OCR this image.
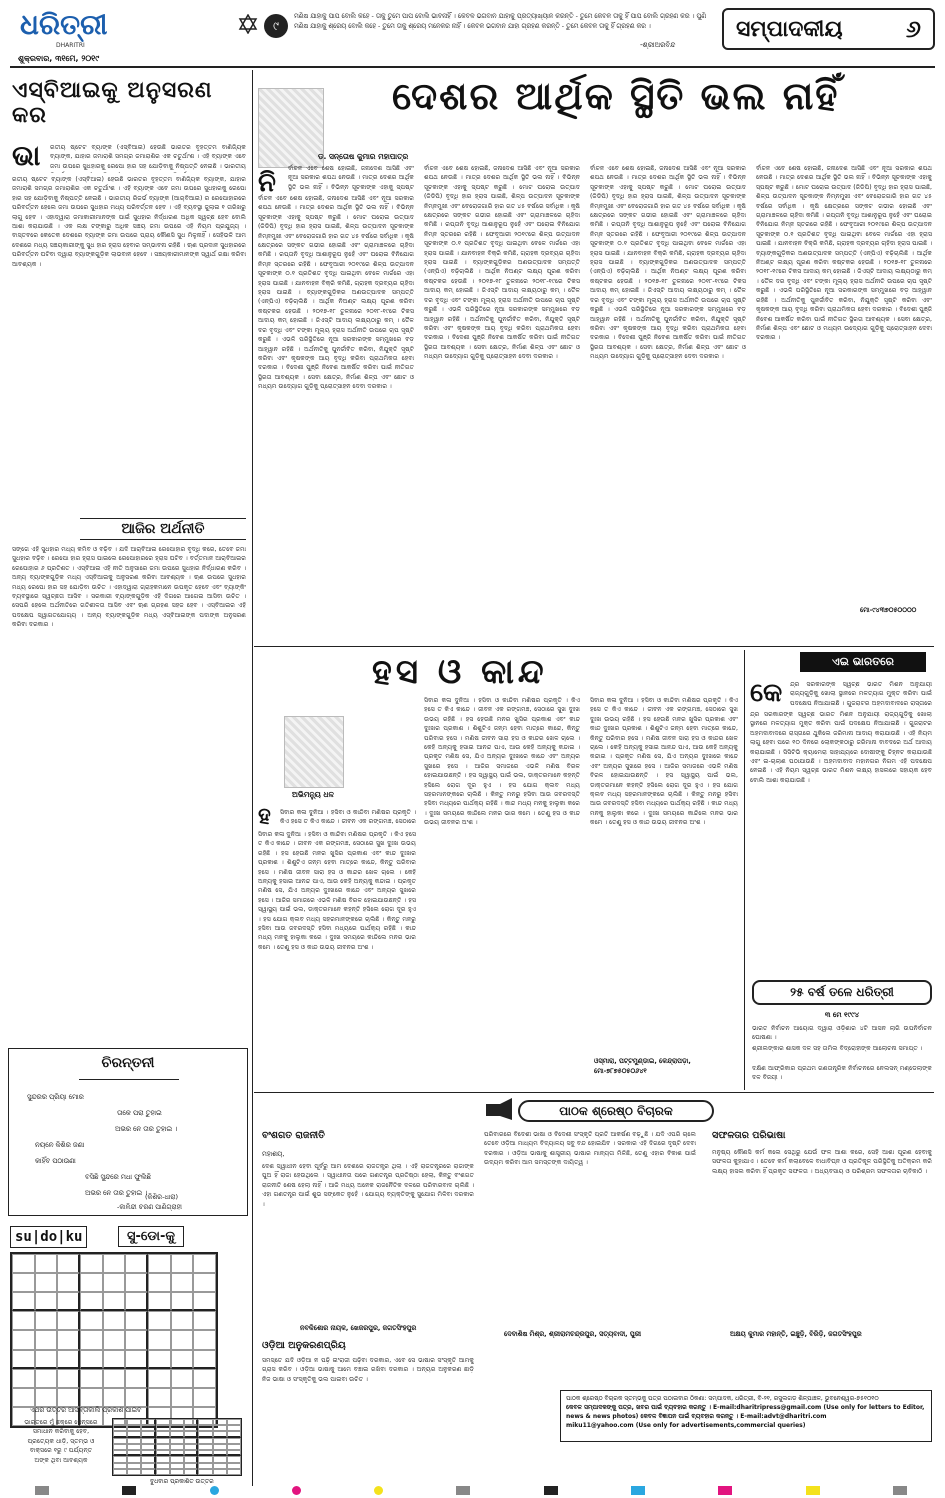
ଧରିତ୍ରୀ
DHARITRI
ଶୁକ୍ରବାର, ୩୧ମେ, ୨୦୧୯
୯
ମଣିଷ ଯାହାକୁ ପାପ ବୋଲି କହେ - ତାକୁ ତୁମେ ପାପ ବୋଲି ଭାବନାହିଁ । କେବଳ ଭଗବାନ ଯାହାକୁ ପ୍ରତ୍ୟାଖ୍ୟାନ କରନ୍ତି - ତୁମେ କେବଳ ତାକୁ ହିଁ ପାପ ବୋଲି ଗ୍ରହଣ କର । ପୁଣି ମଣିଷ ଯାହାକୁ ଶ୍ରେୟ ବୋଲି କହେ - ତୁମେ ତାକୁ ଶ୍ରେୟ ମନେକର ନାହିଁ । କେବଳ ଭଗବାନ ଯାହା ଗ୍ରହଣ କରନ୍ତି - ତୁମେ କେବଳ ତାକୁ ହିଁ ଗ୍ରହଣ କର ।
-ଶ୍ରୀଅରବିନ୍ଦ
ସମ୍ପାଦକୀୟ	୬
ଏସ୍‌ବିଆଇକୁ ଅନୁସରଣ କର
ଭା ରତୀୟ ଷ୍ଟେଟ ବ୍ୟାଙ୍କ (ଏସ୍‌ବିଆଇ) ହେଉଛି ଭାରତର ବୃହତ୍ତମ ବାଣିଜ୍ୟିକ ବ୍ୟାଙ୍କ, ଯାହାର ଜମାରାଶି ସମଗ୍ର ଜମାରାଶିର ଏକ ଚତୁର୍ଥାଂଶ । ଏହି ବ୍ୟାଙ୍କ ଏବେ ଜମା ଉପରେ ସୁଧହାରକୁ ରେପୋ ହାର ସହ ଯୋଡ଼ିବାକୁ ନିଷ୍ପତ୍ତି ନେଇଛି । ଭାରତୀୟ
ରତୀୟ ଷ୍ଟେଟ ବ୍ୟାଙ୍କ (ଏସ୍‌ବିଆଇ) ହେଉଛି ଭାରତର ବୃହତ୍ତମ ବାଣିଜ୍ୟିକ ବ୍ୟାଙ୍କ, ଯାହାର ଜମାରାଶି ସମଗ୍ର ଜମାରାଶିର ଏକ ଚତୁର୍ଥାଂଶ । ଏହି ବ୍ୟାଙ୍କ ଏବେ ଜମା ଉପରେ ସୁଧହାରକୁ ରେପୋ ହାର ସହ ଯୋଡ଼ିବାକୁ ନିଷ୍ପତ୍ତି ନେଇଛି । ଭାରତୀୟ ରିଜର୍ଭ ବ୍ୟାଙ୍କ (ଆର୍‌ବିଆଇ) ର ରେପୋହାରରେ ପରିବର୍ତ୍ତନ ହେଲେ ଜମା ଉପରେ ସୁଧହାର ମଧ୍ୟ ପରିବର୍ତ୍ତନ ହେବ । ଏହି ବ୍ୟବସ୍ଥା ଜୁଲାଇ ୧ ତାରିଖରୁ ଲାଗୁ ହେବ । ଏହାଦ୍ୱାରା ଜମାକାରୀମାନଙ୍କ ପାଇଁ ସୁଧହାର ନିର୍ଦ୍ଧାରଣ ଅଧିକ ସ୍ୱଚ୍ଛ ହେବ ବୋଲି ଆଶା କରାଯାଉଛି । ଏକ ଲକ୍ଷ ଟଙ୍କାରୁ ଅଧିକ ସଞ୍ଚୟ ଜମା ଉପରେ ଏହି ନିୟମ ପ୍ରଯୁଜ୍ୟ । ବାସ୍ତବରେ କେତେକ ଦେଶରେ ବ୍ୟାଙ୍କ ଜମା ଉପରେ ପ୍ରାୟ କୌଣସି ସୁଧ ମିଳୁନାହିଁ । ସେହିଭଳି ଆମ ଦେଶରେ ମଧ୍ୟ ସଞ୍ଚୟକାରୀଙ୍କୁ ସୁଧ ହାର ହ୍ରାସ ହେବାର ସମ୍ଭାବନା ରହିଛି । ଋଣ ପ୍ରଦାନ ସୁଧହାରରେ ପରିବର୍ତ୍ତନ ଘଟିବା ଦ୍ୱାରା ବ୍ୟାଙ୍କଗୁଡ଼ିକ ଲାଭବାନ ହେବେ । ସଞ୍ଚୟକାରୀମାନଙ୍କ ସ୍ୱାର୍ଥ ରକ୍ଷା କରିବା ଆବଶ୍ୟକ ।
ଆଜିର ଅର୍ଥନୀତି
ସଙ୍ଗେ ଏହି ସୁଧହାର ମଧ୍ୟ କମିବ ଓ ବଢ଼ିବ । ଯଦି ଆର୍‌ବିଆଇ ରେପୋହାର ବୃଦ୍ଧି କରେ, ତେବେ ଜମା ସୁଧହାର ବଢ଼ିବ । ରେପୋ ହାର ହ୍ରାସ ପାଇଲେ ରେପୋହାରରେ ହ୍ରାସ ଘଟିବ । ବର୍ତ୍ତମାନ ଆର୍‌ବିଆଇର ରେପୋହାର ୬ ପ୍ରତିଶତ । ଏସ୍‌ବିଆଇ ଏହି ନୀତି ଅନୁସାରେ ଜମା ଉପରେ ସୁଧହାର ନିର୍ଦ୍ଧାରଣ କରିବ । ଅନ୍ୟ ବ୍ୟାଙ୍କଗୁଡ଼ିକ ମଧ୍ୟ ଏସ୍‌ବିଆଇକୁ ଅନୁସରଣ କରିବା ଆବଶ୍ୟକ । ଋଣ ଉପରେ ସୁଧହାର ମଧ୍ୟ ରେପୋ ହାର ସହ ଯୋଡ଼ିବା ଉଚିତ । ଏହାଦ୍ୱାରା ଗ୍ରାହକମାନେ ଉପକୃତ ହେବେ ଏବଂ ବ୍ୟାଙ୍କିଂ ବ୍ୟବସ୍ଥାରେ ସ୍ୱଚ୍ଛତା ଆସିବ । ସରକାରୀ ବ୍ୟାଙ୍କଗୁଡ଼ିକ ଏହି ଦିଗରେ ଆଗେଇ ଆସିବା ଉଚିତ । ସେପରି ହେଲେ ଅର୍ଥନୀତିରେ ଗତିଶୀଳତା ଆସିବ ଏବଂ ଋଣ ଗ୍ରହଣ ସହଜ ହେବ । ଏସ୍‌ବିଆଇର ଏହି ପଦକ୍ଷେପ ସ୍ୱାଗତଯୋଗ୍ୟ । ଅନ୍ୟ ବ୍ୟାଙ୍କଗୁଡ଼ିକ ମଧ୍ୟ ଏସ୍‌ବିଆଇଙ୍କ ପଦାଙ୍କ ଅନୁସରଣ କରିବା ଦରକାର ।
ଚିରନ୍ତନୀ
ସୁନ୍ଦରର ପ୍ରିୟା ମୋର
ତାକେ ପରା ତୁହାଇ
ଅଭର ନେ ତାର ତୁହାଇ ।
ନୟନେ କିଶିର ଜଣା
କାହିଁବ ପଠାଉଣା
ବସିଛି ସୁନ୍ଦରେ ମଧା ଫୁଲିଛି
ଅଭର ନେ ତାର ତୁହାଇ ।
(କିଶିର-ଧାରା)
-କାଳିନ୍ଦୀ ଚରଣ ପାଣିଗ୍ରାହୀ
su|do|ku	ସୁ-ଡୋ-କୁ
ଏଥର ଉତ୍ତର ଆସନ୍ତାକାଲି ପ୍ରକାଶ ପାଇବ
ଭାରତରେ ମୁଁ ଛକ୍ରେ ସେନ୍ସରେ ସମାଧାନ କରିବାକୁ ହେବ, ପ୍ରତ୍ୟେକ ଧାଡ଼ି, ସ୍ତମ୍ଭ ଓ ବାକ୍ସରେ ୧ରୁ ୯ ପର୍ଯ୍ୟନ୍ତ ଅଙ୍କ ଥିବା ଆବଶ୍ୟକ
ବୁଧବାର ପ୍ରକାଶିତ ଉତ୍ତର
ଡ. ସନ୍ତୋଷ କୁମାର ମହାପାତ୍ର
ଦେଶର ଆର୍ଥିକ ସ୍ଥିତି ଭଲ ନାହିଁ
ନି ର୍ବାଚନ ଏବେ ଶେଷ ହୋଇଛି, ଜନାଦେଶ ଆସିଛି ଏବଂ ନୂଆ ସରକାର ଶପଥ ନେଉଛି । ମାତ୍ର ଦେଶର ଆର୍ଥିକ ସ୍ଥିତି ଭଲ ନାହିଁ । ବିଭିନ୍ନ ସୂଚକାଙ୍କ ଏହାକୁ ସ୍ପଷ୍ଟ
ର୍ବାଚନ ଏବେ ଶେଷ ହୋଇଛି, ଜନାଦେଶ ଆସିଛି ଏବଂ ନୂଆ ସରକାର ଶପଥ ନେଉଛି । ମାତ୍ର ଦେଶର ଆର୍ଥିକ ସ୍ଥିତି ଭଲ ନାହିଁ । ବିଭିନ୍ନ ସୂଚକାଙ୍କ ଏହାକୁ ସ୍ପଷ୍ଟ କରୁଛି । ମୋଟ ଘରୋଇ ଉତ୍ପାଦ (ଜିଡିପି) ବୃଦ୍ଧି ହାର ହ୍ରାସ ପାଇଛି, ଶିଳ୍ପ ଉତ୍ପାଦନ ସୂଚକାଙ୍କ ନିମ୍ନମୁଖୀ ଏବଂ ବେରୋଜଗାରି ହାର ଗତ ୪୫ ବର୍ଷରେ ସର୍ବାଧିକ । କୃଷି କ୍ଷେତ୍ରରେ ସଙ୍କଟ ଗଭୀର ହୋଇଛି ଏବଂ ଗ୍ରାମାଞ୍ଚଳରେ ଚାହିଦା କମିଛି । ରପ୍ତାନି ବୃଦ୍ଧି ଆଶାନୁରୂପ ନୁହେଁ ଏବଂ ଘରୋଇ ବିନିଯୋଗ ନିମ୍ନ ସ୍ତରରେ ରହିଛି । ଫେବୃଆରୀ ୨୦୧୯ରେ ଶିଳ୍ପ ଉତ୍ପାଦନ ସୂଚକାଙ୍କ ୦.୧ ପ୍ରତିଶତ ବୃଦ୍ଧି ପାଇଥିବା ବେଳେ ମାର୍ଚ୍ଚରେ ଏହା ହ୍ରାସ ପାଇଛି । ଯାନବାହନ ବିକ୍ରି କମିଛି, ଗ୍ରାହକ ଦ୍ରବ୍ୟର ଚାହିଦା ହ୍ରାସ ପାଇଛି । ବ୍ୟାଙ୍କଗୁଡ଼ିକର ଅଣଉତ୍ପାଦକ ସମ୍ପତ୍ତି (ଏନ୍‌ପିଏ) ବଢ଼ିଚାଲିଛି । ଆର୍ଥିକ ନିଅଣ୍ଟ ଲକ୍ଷ୍ୟ ପୂରଣ କରିବା କଷ୍ଟକର ହେଉଛି । ୨୦୧୭-୧୮ ତୁଳନାରେ ୨୦୧୮-୧୯ରେ ଟିକସ ଆଦାୟ କମ୍ ହୋଇଛି । ଜିଏସ୍‌ଟି ଆଦାୟ ଲକ୍ଷ୍ୟଠାରୁ କମ୍ । ତୈଳ ଦର ବୃଦ୍ଧି ଏବଂ ଟଙ୍କା ମୂଲ୍ୟ ହ୍ରାସ ଅର୍ଥନୀତି ଉପରେ ଚାପ ସୃଷ୍ଟି କରୁଛି । ଏଭଳି ପରିସ୍ଥିତିରେ ନୂଆ ସରକାରଙ୍କ ସମ୍ମୁଖରେ ବଡ଼ ଆହ୍ୱାନ ରହିଛି । ଅର୍ଥନୀତିକୁ ପୁନର୍ଜୀବିତ କରିବା, ନିଯୁକ୍ତି ସୃଷ୍ଟି କରିବା ଏବଂ କୃଷକଙ୍କ ଆୟ ବୃଦ୍ଧି କରିବା ପ୍ରାଥମିକତା ହେବା ଦରକାର । ବିଦେଶୀ ପୁଞ୍ଜି ନିବେଶ ଆକର୍ଷିତ କରିବା ପାଇଁ ନୀତିଗତ ସ୍ଥିରତା ଆବଶ୍ୟକ । ସେବା କ୍ଷେତ୍ର, ନିର୍ମାଣ ଶିଳ୍ପ ଏବଂ ଛୋଟ ଓ ମଧ୍ୟମ ଉଦ୍ୟୋଗ ଗୁଡ଼ିକୁ ପ୍ରୋତ୍ସାହନ ଦେବା ଦରକାର ।
ର୍ବାଚନ ଏବେ ଶେଷ ହୋଇଛି, ଜନାଦେଶ ଆସିଛି ଏବଂ ନୂଆ ସରକାର ଶପଥ ନେଉଛି । ମାତ୍ର ଦେଶର ଆର୍ଥିକ ସ୍ଥିତି ଭଲ ନାହିଁ । ବିଭିନ୍ନ ସୂଚକାଙ୍କ ଏହାକୁ ସ୍ପଷ୍ଟ କରୁଛି । ମୋଟ ଘରୋଇ ଉତ୍ପାଦ (ଜିଡିପି) ବୃଦ୍ଧି ହାର ହ୍ରାସ ପାଇଛି, ଶିଳ୍ପ ଉତ୍ପାଦନ ସୂଚକାଙ୍କ ନିମ୍ନମୁଖୀ ଏବଂ ବେରୋଜଗାରି ହାର ଗତ ୪୫ ବର୍ଷରେ ସର୍ବାଧିକ । କୃଷି କ୍ଷେତ୍ରରେ ସଙ୍କଟ ଗଭୀର ହୋଇଛି ଏବଂ ଗ୍ରାମାଞ୍ଚଳରେ ଚାହିଦା କମିଛି । ରପ୍ତାନି ବୃଦ୍ଧି ଆଶାନୁରୂପ ନୁହେଁ ଏବଂ ଘରୋଇ ବିନିଯୋଗ ନିମ୍ନ ସ୍ତରରେ ରହିଛି । ଫେବୃଆରୀ ୨୦୧୯ରେ ଶିଳ୍ପ ଉତ୍ପାଦନ ସୂଚକାଙ୍କ ୦.୧ ପ୍ରତିଶତ ବୃଦ୍ଧି ପାଇଥିବା ବେଳେ ମାର୍ଚ୍ଚରେ ଏହା ହ୍ରାସ ପାଇଛି । ଯାନବାହନ ବିକ୍ରି କମିଛି, ଗ୍ରାହକ ଦ୍ରବ୍ୟର ଚାହିଦା ହ୍ରାସ ପାଇଛି । ବ୍ୟାଙ୍କଗୁଡ଼ିକର ଅଣଉତ୍ପାଦକ ସମ୍ପତ୍ତି (ଏନ୍‌ପିଏ) ବଢ଼ିଚାଲିଛି । ଆର୍ଥିକ ନିଅଣ୍ଟ ଲକ୍ଷ୍ୟ ପୂରଣ କରିବା କଷ୍ଟକର ହେଉଛି । ୨୦୧୭-୧୮ ତୁଳନାରେ ୨୦୧୮-୧୯ରେ ଟିକସ ଆଦାୟ କମ୍ ହୋଇଛି । ଜିଏସ୍‌ଟି ଆଦାୟ ଲକ୍ଷ୍ୟଠାରୁ କମ୍ । ତୈଳ ଦର ବୃଦ୍ଧି ଏବଂ ଟଙ୍କା ମୂଲ୍ୟ ହ୍ରାସ ଅର୍ଥନୀତି ଉପରେ ଚାପ ସୃଷ୍ଟି କରୁଛି । ଏଭଳି ପରିସ୍ଥିତିରେ ନୂଆ ସରକାରଙ୍କ ସମ୍ମୁଖରେ ବଡ଼ ଆହ୍ୱାନ ରହିଛି । ଅର୍ଥନୀତିକୁ ପୁନର୍ଜୀବିତ କରିବା, ନିଯୁକ୍ତି ସୃଷ୍ଟି କରିବା ଏବଂ କୃଷକଙ୍କ ଆୟ ବୃଦ୍ଧି କରିବା ପ୍ରାଥମିକତା ହେବା ଦରକାର । ବିଦେଶୀ ପୁଞ୍ଜି ନିବେଶ ଆକର୍ଷିତ କରିବା ପାଇଁ ନୀତିଗତ ସ୍ଥିରତା ଆବଶ୍ୟକ । ସେବା କ୍ଷେତ୍ର, ନିର୍ମାଣ ଶିଳ୍ପ ଏବଂ ଛୋଟ ଓ ମଧ୍ୟମ ଉଦ୍ୟୋଗ ଗୁଡ଼ିକୁ ପ୍ରୋତ୍ସାହନ ଦେବା ଦରକାର ।
ର୍ବାଚନ ଏବେ ଶେଷ ହୋଇଛି, ଜନାଦେଶ ଆସିଛି ଏବଂ ନୂଆ ସରକାର ଶପଥ ନେଉଛି । ମାତ୍ର ଦେଶର ଆର୍ଥିକ ସ୍ଥିତି ଭଲ ନାହିଁ । ବିଭିନ୍ନ ସୂଚକାଙ୍କ ଏହାକୁ ସ୍ପଷ୍ଟ କରୁଛି । ମୋଟ ଘରୋଇ ଉତ୍ପାଦ (ଜିଡିପି) ବୃଦ୍ଧି ହାର ହ୍ରାସ ପାଇଛି, ଶିଳ୍ପ ଉତ୍ପାଦନ ସୂଚକାଙ୍କ ନିମ୍ନମୁଖୀ ଏବଂ ବେରୋଜଗାରି ହାର ଗତ ୪୫ ବର୍ଷରେ ସର୍ବାଧିକ । କୃଷି କ୍ଷେତ୍ରରେ ସଙ୍କଟ ଗଭୀର ହୋଇଛି ଏବଂ ଗ୍ରାମାଞ୍ଚଳରେ ଚାହିଦା କମିଛି । ରପ୍ତାନି ବୃଦ୍ଧି ଆଶାନୁରୂପ ନୁହେଁ ଏବଂ ଘରୋଇ ବିନିଯୋଗ ନିମ୍ନ ସ୍ତରରେ ରହିଛି । ଫେବୃଆରୀ ୨୦୧୯ରେ ଶିଳ୍ପ ଉତ୍ପାଦନ ସୂଚକାଙ୍କ ୦.୧ ପ୍ରତିଶତ ବୃଦ୍ଧି ପାଇଥିବା ବେଳେ ମାର୍ଚ୍ଚରେ ଏହା ହ୍ରାସ ପାଇଛି । ଯାନବାହନ ବିକ୍ରି କମିଛି, ଗ୍ରାହକ ଦ୍ରବ୍ୟର ଚାହିଦା ହ୍ରାସ ପାଇଛି । ବ୍ୟାଙ୍କଗୁଡ଼ିକର ଅଣଉତ୍ପାଦକ ସମ୍ପତ୍ତି (ଏନ୍‌ପିଏ) ବଢ଼ିଚାଲିଛି । ଆର୍ଥିକ ନିଅଣ୍ଟ ଲକ୍ଷ୍ୟ ପୂରଣ କରିବା କଷ୍ଟକର ହେଉଛି । ୨୦୧୭-୧୮ ତୁଳନାରେ ୨୦୧୮-୧୯ରେ ଟିକସ ଆଦାୟ କମ୍ ହୋଇଛି । ଜିଏସ୍‌ଟି ଆଦାୟ ଲକ୍ଷ୍ୟଠାରୁ କମ୍ । ତୈଳ ଦର ବୃଦ୍ଧି ଏବଂ ଟଙ୍କା ମୂଲ୍ୟ ହ୍ରାସ ଅର୍ଥନୀତି ଉପରେ ଚାପ ସୃଷ୍ଟି କରୁଛି । ଏଭଳି ପରିସ୍ଥିତିରେ ନୂଆ ସରକାରଙ୍କ ସମ୍ମୁଖରେ ବଡ଼ ଆହ୍ୱାନ ରହିଛି । ଅର୍ଥନୀତିକୁ ପୁନର୍ଜୀବିତ କରିବା, ନିଯୁକ୍ତି ସୃଷ୍ଟି କରିବା ଏବଂ କୃଷକଙ୍କ ଆୟ ବୃଦ୍ଧି କରିବା ପ୍ରାଥମିକତା ହେବା ଦରକାର । ବିଦେଶୀ ପୁଞ୍ଜି ନିବେଶ ଆକର୍ଷିତ କରିବା ପାଇଁ ନୀତିଗତ ସ୍ଥିରତା ଆବଶ୍ୟକ । ସେବା କ୍ଷେତ୍ର, ନିର୍ମାଣ ଶିଳ୍ପ ଏବଂ ଛୋଟ ଓ ମଧ୍ୟମ ଉଦ୍ୟୋଗ ଗୁଡ଼ିକୁ ପ୍ରୋତ୍ସାହନ ଦେବା ଦରକାର ।
ର୍ବାଚନ ଏବେ ଶେଷ ହୋଇଛି, ଜନାଦେଶ ଆସିଛି ଏବଂ ନୂଆ ସରକାର ଶପଥ ନେଉଛି । ମାତ୍ର ଦେଶର ଆର୍ଥିକ ସ୍ଥିତି ଭଲ ନାହିଁ । ବିଭିନ୍ନ ସୂଚକାଙ୍କ ଏହାକୁ ସ୍ପଷ୍ଟ କରୁଛି । ମୋଟ ଘରୋଇ ଉତ୍ପାଦ (ଜିଡିପି) ବୃଦ୍ଧି ହାର ହ୍ରାସ ପାଇଛି, ଶିଳ୍ପ ଉତ୍ପାଦନ ସୂଚକାଙ୍କ ନିମ୍ନମୁଖୀ ଏବଂ ବେରୋଜଗାରି ହାର ଗତ ୪୫ ବର୍ଷରେ ସର୍ବାଧିକ । କୃଷି କ୍ଷେତ୍ରରେ ସଙ୍କଟ ଗଭୀର ହୋଇଛି ଏବଂ ଗ୍ରାମାଞ୍ଚଳରେ ଚାହିଦା କମିଛି । ରପ୍ତାନି ବୃଦ୍ଧି ଆଶାନୁରୂପ ନୁହେଁ ଏବଂ ଘରୋଇ ବିନିଯୋଗ ନିମ୍ନ ସ୍ତରରେ ରହିଛି । ଫେବୃଆରୀ ୨୦୧୯ରେ ଶିଳ୍ପ ଉତ୍ପାଦନ ସୂଚକାଙ୍କ ୦.୧ ପ୍ରତିଶତ ବୃଦ୍ଧି ପାଇଥିବା ବେଳେ ମାର୍ଚ୍ଚରେ ଏହା ହ୍ରାସ ପାଇଛି । ଯାନବାହନ ବିକ୍ରି କମିଛି, ଗ୍ରାହକ ଦ୍ରବ୍ୟର ଚାହିଦା ହ୍ରାସ ପାଇଛି । ବ୍ୟାଙ୍କଗୁଡ଼ିକର ଅଣଉତ୍ପାଦକ ସମ୍ପତ୍ତି (ଏନ୍‌ପିଏ) ବଢ଼ିଚାଲିଛି । ଆର୍ଥିକ ନିଅଣ୍ଟ ଲକ୍ଷ୍ୟ ପୂରଣ କରିବା କଷ୍ଟକର ହେଉଛି । ୨୦୧୭-୧୮ ତୁଳନାରେ ୨୦୧୮-୧୯ରେ ଟିକସ ଆଦାୟ କମ୍ ହୋଇଛି । ଜିଏସ୍‌ଟି ଆଦାୟ ଲକ୍ଷ୍ୟଠାରୁ କମ୍ । ତୈଳ ଦର ବୃଦ୍ଧି ଏବଂ ଟଙ୍କା ମୂଲ୍ୟ ହ୍ରାସ ଅର୍ଥନୀତି ଉପରେ ଚାପ ସୃଷ୍ଟି କରୁଛି । ଏଭଳି ପରିସ୍ଥିତିରେ ନୂଆ ସରକାରଙ୍କ ସମ୍ମୁଖରେ ବଡ଼ ଆହ୍ୱାନ ରହିଛି । ଅର୍ଥନୀତିକୁ ପୁନର୍ଜୀବିତ କରିବା, ନିଯୁକ୍ତି ସୃଷ୍ଟି କରିବା ଏବଂ କୃଷକଙ୍କ ଆୟ ବୃଦ୍ଧି କରିବା ପ୍ରାଥମିକତା ହେବା ଦରକାର । ବିଦେଶୀ ପୁଞ୍ଜି ନିବେଶ ଆକର୍ଷିତ କରିବା ପାଇଁ ନୀତିଗତ ସ୍ଥିରତା ଆବଶ୍ୟକ । ସେବା କ୍ଷେତ୍ର, ନିର୍ମାଣ ଶିଳ୍ପ ଏବଂ ଛୋଟ ଓ ମଧ୍ୟମ ଉଦ୍ୟୋଗ ଗୁଡ଼ିକୁ ପ୍ରୋତ୍ସାହନ ଦେବା ଦରକାର ।
ମୋ-୯୪୩୭୦୫୦୦୦୦
ହସ ଓ କାନ୍ଦ
ଅଭିମନ୍ୟୁ ଧଳ
ହ ସିବାର କଳା ଦୁନିଆ । ହସିବା ଓ କାନ୍ଦିବା ମଣିଷର ପ୍ରକୃତି । କିଏ ହସେ ତ କିଏ କାନ୍ଦେ । ଜୀବନ ଏକ ରଙ୍ଗମଞ୍ଚ, ସେଠାରେ
ସିବାର କଳା ଦୁନିଆ । ହସିବା ଓ କାନ୍ଦିବା ମଣିଷର ପ୍ରକୃତି । କିଏ ହସେ ତ କିଏ କାନ୍ଦେ । ଜୀବନ ଏକ ରଙ୍ଗମଞ୍ଚ, ସେଠାରେ ସୁଖ ଦୁଃଖ ଉଭୟ ରହିଛି । ହସ ହେଉଛି ମନର ଖୁସିର ପ୍ରକାଶ ଏବଂ କାନ୍ଦ ଦୁଃଖର ପ୍ରକାଶ । ଶିଶୁଟିଏ ଜନ୍ମ ହେବା ମାତ୍ରେ କାନ୍ଦେ, କିନ୍ତୁ ପରିବାର ହସେ । ମଣିଷ ଜୀବନ ସାରା ହସ ଓ କାନ୍ଦର ଖେଳ ଚାଲେ । କେହି ଅନ୍ୟକୁ ହସାଇ ଆନନ୍ଦ ପାଏ, ଆଉ କେହି ଅନ୍ୟକୁ କନ୍ଦାଇ । ପ୍ରକୃତ ମଣିଷ ସେ, ଯିଏ ଅନ୍ୟର ଦୁଃଖରେ କାନ୍ଦେ ଏବଂ ଅନ୍ୟର ସୁଖରେ ହସେ । ଆଜିର ସମାଜରେ ଏଭଳି ମଣିଷ ବିରଳ ହୋଇଯାଉଛନ୍ତି । ହସ ସ୍ୱାସ୍ଥ୍ୟ ପାଇଁ ଭଲ, ଡାକ୍ତରମାନେ କହନ୍ତି ହସିଲେ ରୋଗ ଦୂର ହୁଏ । ହସ ଯୋଗ କ୍ଲବ ମଧ୍ୟ ସହରମାନଙ୍କରେ ଚାଲିଛି । କିନ୍ତୁ ମନରୁ ହସିବା ଆଉ ଜବରଦସ୍ତି ହସିବା ମଧ୍ୟରେ ପାର୍ଥକ୍ୟ ରହିଛି । କାନ୍ଦ ମଧ୍ୟ ମନକୁ ହାଲୁକା କରେ । ଦୁଃଖ ସମୟରେ କାନ୍ଦିଲେ ମନର ଭାର କମେ । ତେଣୁ ହସ ଓ କାନ୍ଦ ଉଭୟ ଜୀବନର ଅଂଶ ।
ସିବାର କଳା ଦୁନିଆ । ହସିବା ଓ କାନ୍ଦିବା ମଣିଷର ପ୍ରକୃତି । କିଏ ହସେ ତ କିଏ କାନ୍ଦେ । ଜୀବନ ଏକ ରଙ୍ଗମଞ୍ଚ, ସେଠାରେ ସୁଖ ଦୁଃଖ ଉଭୟ ରହିଛି । ହସ ହେଉଛି ମନର ଖୁସିର ପ୍ରକାଶ ଏବଂ କାନ୍ଦ ଦୁଃଖର ପ୍ରକାଶ । ଶିଶୁଟିଏ ଜନ୍ମ ହେବା ମାତ୍ରେ କାନ୍ଦେ, କିନ୍ତୁ ପରିବାର ହସେ । ମଣିଷ ଜୀବନ ସାରା ହସ ଓ କାନ୍ଦର ଖେଳ ଚାଲେ । କେହି ଅନ୍ୟକୁ ହସାଇ ଆନନ୍ଦ ପାଏ, ଆଉ କେହି ଅନ୍ୟକୁ କନ୍ଦାଇ । ପ୍ରକୃତ ମଣିଷ ସେ, ଯିଏ ଅନ୍ୟର ଦୁଃଖରେ କାନ୍ଦେ ଏବଂ ଅନ୍ୟର ସୁଖରେ ହସେ । ଆଜିର ସମାଜରେ ଏଭଳି ମଣିଷ ବିରଳ ହୋଇଯାଉଛନ୍ତି । ହସ ସ୍ୱାସ୍ଥ୍ୟ ପାଇଁ ଭଲ, ଡାକ୍ତରମାନେ କହନ୍ତି ହସିଲେ ରୋଗ ଦୂର ହୁଏ । ହସ ଯୋଗ କ୍ଲବ ମଧ୍ୟ ସହରମାନଙ୍କରେ ଚାଲିଛି । କିନ୍ତୁ ମନରୁ ହସିବା ଆଉ ଜବରଦସ୍ତି ହସିବା ମଧ୍ୟରେ ପାର୍ଥକ୍ୟ ରହିଛି । କାନ୍ଦ ମଧ୍ୟ ମନକୁ ହାଲୁକା କରେ । ଦୁଃଖ ସମୟରେ କାନ୍ଦିଲେ ମନର ଭାର କମେ । ତେଣୁ ହସ ଓ କାନ୍ଦ ଉଭୟ ଜୀବନର ଅଂଶ ।
ସିବାର କଳା ଦୁନିଆ । ହସିବା ଓ କାନ୍ଦିବା ମଣିଷର ପ୍ରକୃତି । କିଏ ହସେ ତ କିଏ କାନ୍ଦେ । ଜୀବନ ଏକ ରଙ୍ଗମଞ୍ଚ, ସେଠାରେ ସୁଖ ଦୁଃଖ ଉଭୟ ରହିଛି । ହସ ହେଉଛି ମନର ଖୁସିର ପ୍ରକାଶ ଏବଂ କାନ୍ଦ ଦୁଃଖର ପ୍ରକାଶ । ଶିଶୁଟିଏ ଜନ୍ମ ହେବା ମାତ୍ରେ କାନ୍ଦେ, କିନ୍ତୁ ପରିବାର ହସେ । ମଣିଷ ଜୀବନ ସାରା ହସ ଓ କାନ୍ଦର ଖେଳ ଚାଲେ । କେହି ଅନ୍ୟକୁ ହସାଇ ଆନନ୍ଦ ପାଏ, ଆଉ କେହି ଅନ୍ୟକୁ କନ୍ଦାଇ । ପ୍ରକୃତ ମଣିଷ ସେ, ଯିଏ ଅନ୍ୟର ଦୁଃଖରେ କାନ୍ଦେ ଏବଂ ଅନ୍ୟର ସୁଖରେ ହସେ । ଆଜିର ସମାଜରେ ଏଭଳି ମଣିଷ ବିରଳ ହୋଇଯାଉଛନ୍ତି । ହସ ସ୍ୱାସ୍ଥ୍ୟ ପାଇଁ ଭଲ, ଡାକ୍ତରମାନେ କହନ୍ତି ହସିଲେ ରୋଗ ଦୂର ହୁଏ । ହସ ଯୋଗ କ୍ଲବ ମଧ୍ୟ ସହରମାନଙ୍କରେ ଚାଲିଛି । କିନ୍ତୁ ମନରୁ ହସିବା ଆଉ ଜବରଦସ୍ତି ହସିବା ମଧ୍ୟରେ ପାର୍ଥକ୍ୟ ରହିଛି । କାନ୍ଦ ମଧ୍ୟ ମନକୁ ହାଲୁକା କରେ । ଦୁଃଖ ସମୟରେ କାନ୍ଦିଲେ ମନର ଭାର କମେ । ତେଣୁ ହସ ଓ କାନ୍ଦ ଉଭୟ ଜୀବନର ଅଂଶ ।
ଓସ୍‌ମାରା, ପଟ୍ଟମୁଣ୍ଡାଇ, କେନ୍ଦ୍ରାପଡ଼ା, ମୋ-୭୮୭୫୦୫୦୬୪୧
ଏଇ ଭାରତରେ
କେ ନ୍ଦ୍ର ସରକାରଙ୍କ ସ୍ୱଚ୍ଛ ଭାରତ ମିଶନ ଅନୁଯାୟୀ ରାଜ୍ୟଗୁଡ଼ିକୁ ଖୋଲା ସ୍ଥାନରେ ମଳତ୍ୟାଗ ମୁକ୍ତ କରିବା ପାଇଁ ପଦକ୍ଷେପ ନିଆଯାଇଛି । ଗୁଜରାଟର ଅହମଦାବାଦରେ ରାସ୍ତାରେ
ନ୍ଦ୍ର ସରକାରଙ୍କ ସ୍ୱଚ୍ଛ ଭାରତ ମିଶନ ଅନୁଯାୟୀ ରାଜ୍ୟଗୁଡ଼ିକୁ ଖୋଲା ସ୍ଥାନରେ ମଳତ୍ୟାଗ ମୁକ୍ତ କରିବା ପାଇଁ ପଦକ୍ଷେପ ନିଆଯାଇଛି । ଗୁଜରାଟର ଅହମଦାବାଦରେ ରାସ୍ତାରେ ଥୁକିଲେ ଜରିମାନା ଆଦାୟ କରାଯାଉଛି । ଏହି ନିୟମ ଲାଗୁ ହେବା ପରେ ୧୦ ଦିନରେ ଲୋକଙ୍କଠାରୁ ଜରିମାନା ବାବଦରେ ଅର୍ଥ ଆଦାୟ କରାଯାଇଛି । ସିସିଟିଭି କ୍ୟାମେରା ସାହାଯ୍ୟରେ ଦୋଷୀଙ୍କୁ ଚିହ୍ନଟ କରାଯାଉଛି ଏବଂ ଇ-ଚାଲାଣ ପଠାଯାଉଛି । ଅହମଦାବାଦ ମହାନଗର ନିଗମ ଏହି ପଦକ୍ଷେପ ନେଇଛି । ଏହି ନିୟମ ସ୍ୱଚ୍ଛ ଭାରତ ମିଶନ ଲକ୍ଷ୍ୟ ହାସଲରେ ସହାୟକ ହେବ ବୋଲି ଆଶା କରାଯାଉଛି ।
୨୫ ବର୍ଷ ତଳେ ଧରିତ୍ରୀ
୩ ମେ ୧୯୯୪
ଭାରତ ନିର୍ବାଚନ ଆୟୋଗ ଦ୍ୱାରା ଓଡ଼ିଶାର ୪ଟି ଆସନ ଲାଗି ଉପନିର୍ବାଚନ ଘୋଷଣା ।
ଶ୍ରୀଲଙ୍କାର ଶାସକ ଦଳ ସହ ତାମିଲ ବିଦ୍ରୋହୀଙ୍କ ଆଲୋଚନା ସମାପ୍ତ ।
ଦକ୍ଷିଣ ଆଫ୍ରିକାର ପ୍ରଥମ ଗଣତାନ୍ତ୍ରିକ ନିର୍ବାଚନରେ ନେଲସନ୍ ମଣ୍ଡେଲାଙ୍କ ଦଳ ବିଜୟୀ ।
ପାଠକ ଶ୍ରେଷ୍ଠ ବିଚାରକ
ବଂଶଗତ ରାଜନୀତି
ମହାଶୟ,
ଦେଶ ସ୍ୱାଧୀନ ହେବା ପୂର୍ବରୁ ଆମ ଦେଶରେ ରାଜତନ୍ତ୍ର ଥିଲା । ଏହି ରାଜତନ୍ତ୍ରରେ ରାଜାଙ୍କ ପୁଅ ହିଁ ରାଜା ହେଉଥିଲେ । ସ୍ୱାଧୀନତା ପରେ ଗଣତନ୍ତ୍ର ପ୍ରତିଷ୍ଠା ହେଲା, କିନ୍ତୁ ବଂଶଗତ ରାଜନୀତି ଶେଷ ହେଲା ନାହିଁ । ଆଜି ମଧ୍ୟ ଅନେକ ରାଜନୈତିକ ଦଳରେ ପରିବାରବାଦ ଚାଲିଛି । ଏହା ଗଣତନ୍ତ୍ର ପାଇଁ ଶୁଭ ସଙ୍କେତ ନୁହେଁ । ଯୋଗ୍ୟ ବ୍ୟକ୍ତିଙ୍କୁ ସୁଯୋଗ ମିଳିବା ଦରକାର ।
ନବକିଶୋର ନାୟକ, ଖେଜରପୁର, ଜଗତସିଂହପୁର
ଓଡ଼ିଆ ଅନୁକରଣପ୍ରିୟ
ସମସ୍ତେ ଯଦି ଓଡ଼ିଆ ନ ପଢ଼ି ଇଂରାଜୀ ପଢ଼ିବା ଦରକାର, ଏବେ ସେ ଭାଷାର ସଂସ୍କୃତି ଆମକୁ ଗ୍ରାସ କରିବ । ଓଡ଼ିଆ ଭାଷାକୁ ଆମେ ବଞ୍ଚାଇ ରଖିବା ଦରକାର । ଅନ୍ୟର ଅନୁକରଣ ଛାଡ଼ି ନିଜ ଭାଷା ଓ ସଂସ୍କୃତିକୁ ଭଲ ପାଇବା ଉଚିତ ।
ପରିବାରରେ ବିଦେଶୀ ଭାଷା ଓ ବିଦେଶୀ ସଂସ୍କୃତି ପ୍ରତି ଆକର୍ଷଣ ବଢ଼ୁଛି । ଯଦି ଏପରି ଚାଲେ ତେବେ ଓଡ଼ିଆ ମାଧ୍ୟମ ବିଦ୍ୟାଳୟ ସବୁ ବନ୍ଦ ହୋଇଯିବ । ସରକାର ଏହି ଦିଗରେ ଦୃଷ୍ଟି ଦେବା ଦରକାର । ଓଡ଼ିଆ ଭାଷାକୁ ଶାସ୍ତ୍ରୀୟ ଭାଷାର ମାନ୍ୟତା ମିଳିଛି, ତେଣୁ ଏହାର ବିକାଶ ପାଇଁ ଉଦ୍ୟମ କରିବା ଆମ ସମସ୍ତଙ୍କ ଦାୟିତ୍ୱ ।
ଦେବାଶିଷ ମିଶ୍ର, ଶ୍ରୀରାମଚନ୍ଦ୍ରପୁର, ସତ୍ୟବାଦୀ, ପୁରୀ
ସଫଳତାର ପରିଭାଷା
ମନୁଷ୍ୟ କୌଣସି କର୍ମ କଲେ ସେଥିରୁ ଯେଉଁ ଫଳ ଆଶା କରେ, ସେହି ଆଶା ପୂରଣ ହେବାକୁ ସଫଳତା କୁହାଯାଏ । ତେବେ କର୍ମ କଲାବେଳେ ବାଧାବିଘ୍ନ ଓ ପ୍ରତିକୂଳ ପରିସ୍ଥିତିକୁ ଅତିକ୍ରମ କରି ଲକ୍ଷ୍ୟ ହାସଲ କରିବା ହିଁ ପ୍ରକୃତ ସଫଳତା । ଅଧ୍ୟବସାୟ ଓ ପରିଶ୍ରମ ସଫଳତାର ଚାବିକାଠି ।
ଅକ୍ଷୟ କୁମାର ମହାନ୍ତି, ଇଞ୍ଚୁଡ଼ି, ବିରିଡ଼ି, ଜଗତସିଂହପୁର
ପାଠକ ଶ୍ରେଷ୍ଠ ବିଚାରକ ସ୍ତମ୍ଭକୁ ପତ୍ର ପଠାଇବାର ଠିକଣା: ସମ୍ପାଦକ, ଧରିତ୍ରୀ, ବି-୨୧, ରସୁଲଗଡ଼ ଶିଳ୍ପାଞ୍ଚଳ, ଭୁବନେଶ୍ୱର-୭୫୧୦୧୦
କେବଳ ସମ୍ପାଦକଙ୍କୁ ପତ୍ର, ଖବର ପାଇଁ ବ୍ୟବହାର କରନ୍ତୁ । E-mail:dharitripress@gmail.com (Use only for letters to Editor, news & news photos) କେବଳ ବିଜ୍ଞାପନ ପାଇଁ ବ୍ୟବହାର କରନ୍ତୁ । E-mail:advt@dharitri.com
miku11@yahoo.com (Use only for advertisements,commercial queries)
